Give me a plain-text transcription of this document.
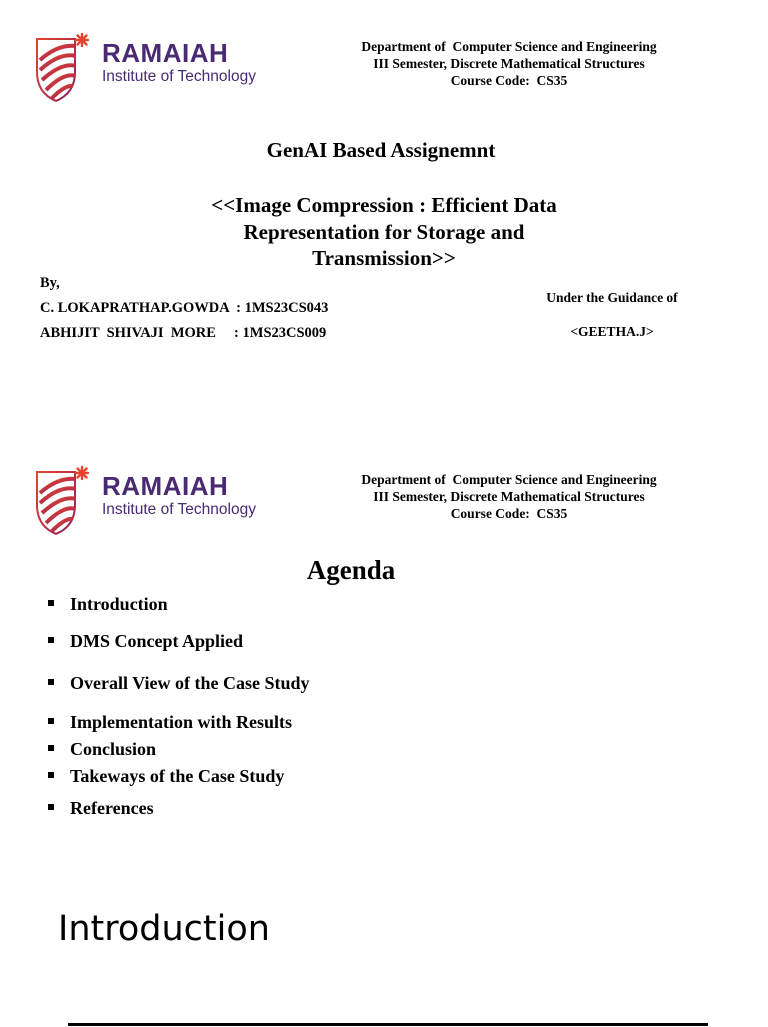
RAMAIAH
Institute of Technology
Department of  Computer Science and Engineering
III Semester, Discrete Mathematical Structures
Course Code:  CS35
GenAI Based Assignemnt
<<Image Compression : Efficient Data
Representation for Storage and
Transmission>>
By,
C. LOKAPRATHAP.GOWDA  : 1MS23CS043
ABHIJIT  SHIVAJI  MORE     : 1MS23CS009
Under the Guidance of
<GEETHA.J>
RAMAIAH
Institute of Technology
Department of  Computer Science and Engineering
III Semester, Discrete Mathematical Structures
Course Code:  CS35
Agenda
Introduction
DMS Concept Applied
Overall View of the Case Study
Implementation with Results
Conclusion
Takeways of the Case Study
References
Introduction
